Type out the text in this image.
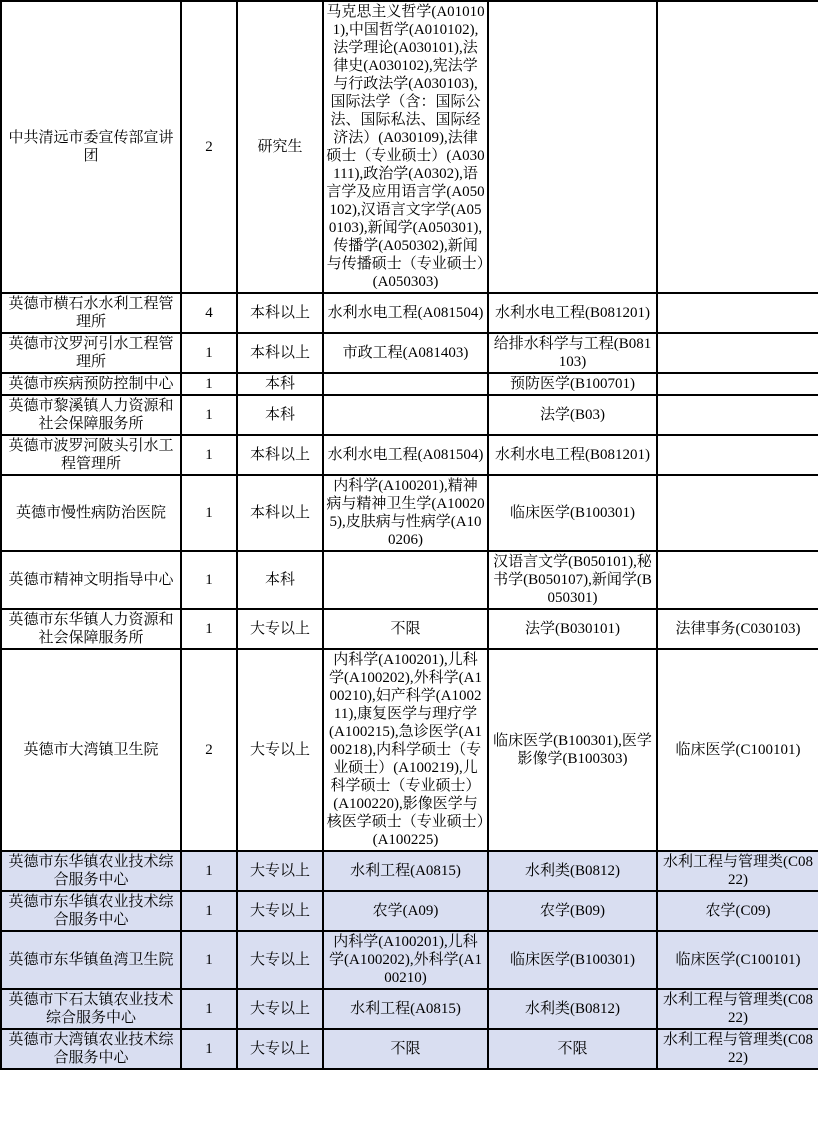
中共清远市委宣传部宣讲团	2	研究生	马克思主义哲学(A010101),中国哲学(A010102),法学理论(A030101),法律史(A030102),宪法学与行政法学(A030103),国际法学（含：国际公法、国际私法、国际经济法）(A030109),法律硕士（专业硕士）(A030111),政治学(A0302),语言学及应用语言学(A050102),汉语言文字学(A050103),新闻学(A050301),传播学(A050302),新闻与传播硕士（专业硕士）(A050303)		
英德市横石水水利工程管理所	4	本科以上	水利水电工程(A081504)	水利水电工程(B081201)	
英德市汶罗河引水工程管理所	1	本科以上	市政工程(A081403)	给排水科学与工程(B081103)	
英德市疾病预防控制中心	1	本科		预防医学(B100701)	
英德市黎溪镇人力资源和社会保障服务所	1	本科		法学(B03)	
英德市波罗河陂头引水工程管理所	1	本科以上	水利水电工程(A081504)	水利水电工程(B081201)	
英德市慢性病防治医院	1	本科以上	内科学(A100201),精神病与精神卫生学(A100205),皮肤病与性病学(A100206)	临床医学(B100301)	
英德市精神文明指导中心	1	本科		汉语言文学(B050101),秘书学(B050107),新闻学(B050301)	
英德市东华镇人力资源和社会保障服务所	1	大专以上	不限	法学(B030101)	法律事务(C030103)
英德市大湾镇卫生院	2	大专以上	内科学(A100201),儿科学(A100202),外科学(A100210),妇产科学(A100211),康复医学与理疗学(A100215),急诊医学(A100218),内科学硕士（专业硕士）(A100219),儿科学硕士（专业硕士）(A100220),影像医学与核医学硕士（专业硕士）(A100225)	临床医学(B100301),医学影像学(B100303)	临床医学(C100101)
英德市东华镇农业技术综合服务中心	1	大专以上	水利工程(A0815)	水利类(B0812)	水利工程与管理类(C0822)
英德市东华镇农业技术综合服务中心	1	大专以上	农学(A09)	农学(B09)	农学(C09)
英德市东华镇鱼湾卫生院	1	大专以上	内科学(A100201),儿科学(A100202),外科学(A100210)	临床医学(B100301)	临床医学(C100101)
英德市下石太镇农业技术综合服务中心	1	大专以上	水利工程(A0815)	水利类(B0812)	水利工程与管理类(C0822)
英德市大湾镇农业技术综合服务中心	1	大专以上	不限	不限	水利工程与管理类(C0822)
